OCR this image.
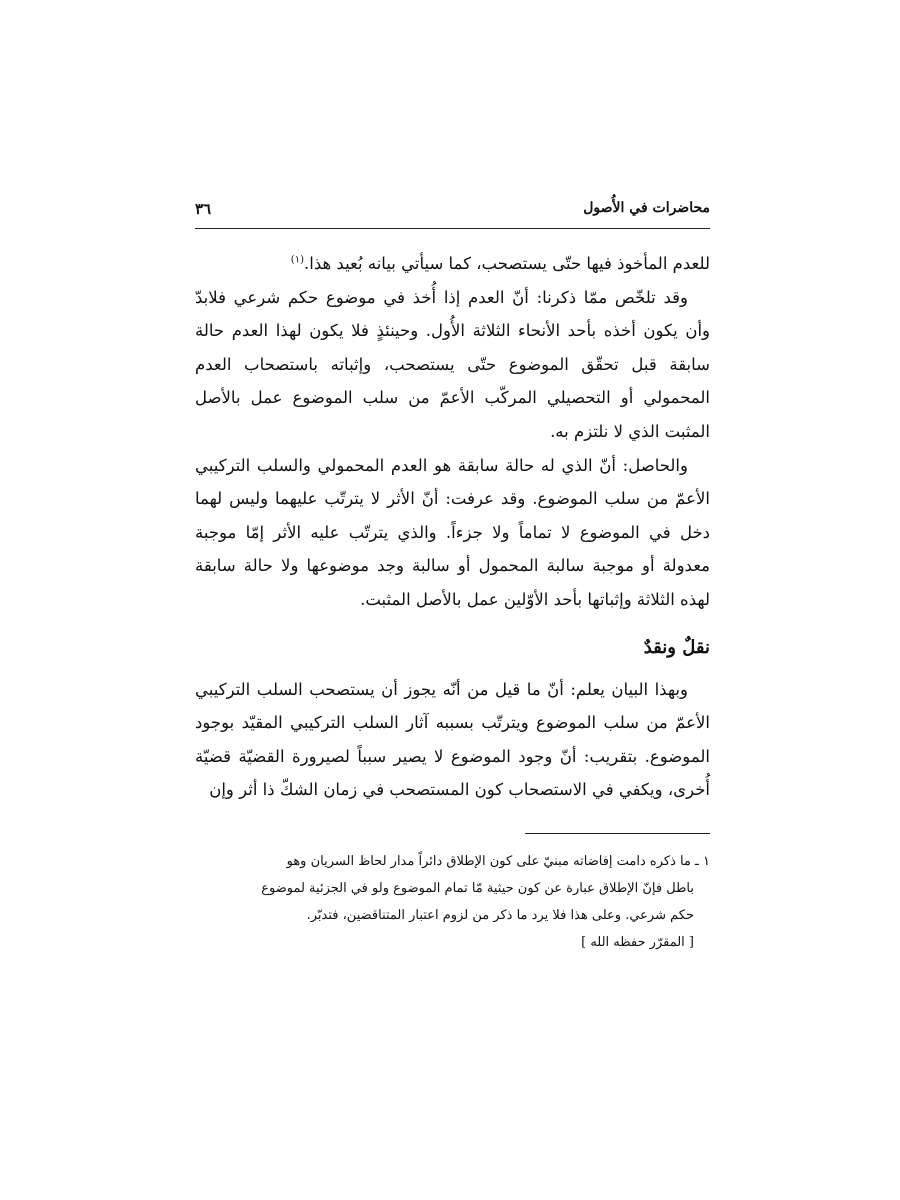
محاضرات في الأُصول
٣٦

للعدم المأخوذ فيها حتّى يستصحب، كما سيأتي بيانه بُعيد هذا.$^{(١)}$

وقد تلخّص ممّا ذكرنا: أنّ العدم إذا أُخذ في موضوع حكم شرعي فلابدّ وأن يكون أخذه بأحد الأنحاء الثلاثة الأُول. وحينئذٍ فلا يكون لهذا العدم حالة سابقة قبل تحقّق الموضوع حتّى يستصحب، وإثباته باستصحاب العدم المحمولي أو التحصيلي المركّب الأعمّ من سلب الموضوع عمل بالأصل المثبت الذي لا نلتزم به.

والحاصل: أنّ الذي له حالة سابقة هو العدم المحمولي والسلب التركيبي الأعمّ من سلب الموضوع. وقد عرفت: أنّ الأثر لا يترتّب عليهما وليس لهما دخل في الموضوع لا تماماً ولا جزءاً. والذي يترتّب عليه الأثر إمّا موجبة معدولة أو موجبة سالبة المحمول أو سالبة وجد موضوعها ولا حالة سابقة لهذه الثلاثة وإثباتها بأحد الأوّلين عمل بالأصل المثبت.

نقلٌ ونقدٌ

وبهذا البيان يعلم: أنّ ما قيل من أنّه يجوز أن يستصحب السلب التركيبي الأعمّ من سلب الموضوع ويترتّب بسببه آثار السلب التركيبي المقيّد بوجود الموضوع. بتقريب: أنّ وجود الموضوع لا يصير سبباً لصيرورة القضيّة قضيّة أُخرى، ويكفي في الاستصحاب كون المستصحب في زمان الشكّ ذا أثر وإن

١ ـ ما ذكره دامت إفاضاته مبنيّ على كون الإطلاق دائراً مدار لحاظ السريان وهو

باطل فإنّ الإطلاق عبارة عن كون حيثية مّا تمام الموضوع ولو في الجزئية لموضوع

حكم شرعي. وعلى هذا فلا يرد ما ذكر من لزوم اعتبار المتناقضين، فتدبّر.

[ المقرّر حفظه الله ]
